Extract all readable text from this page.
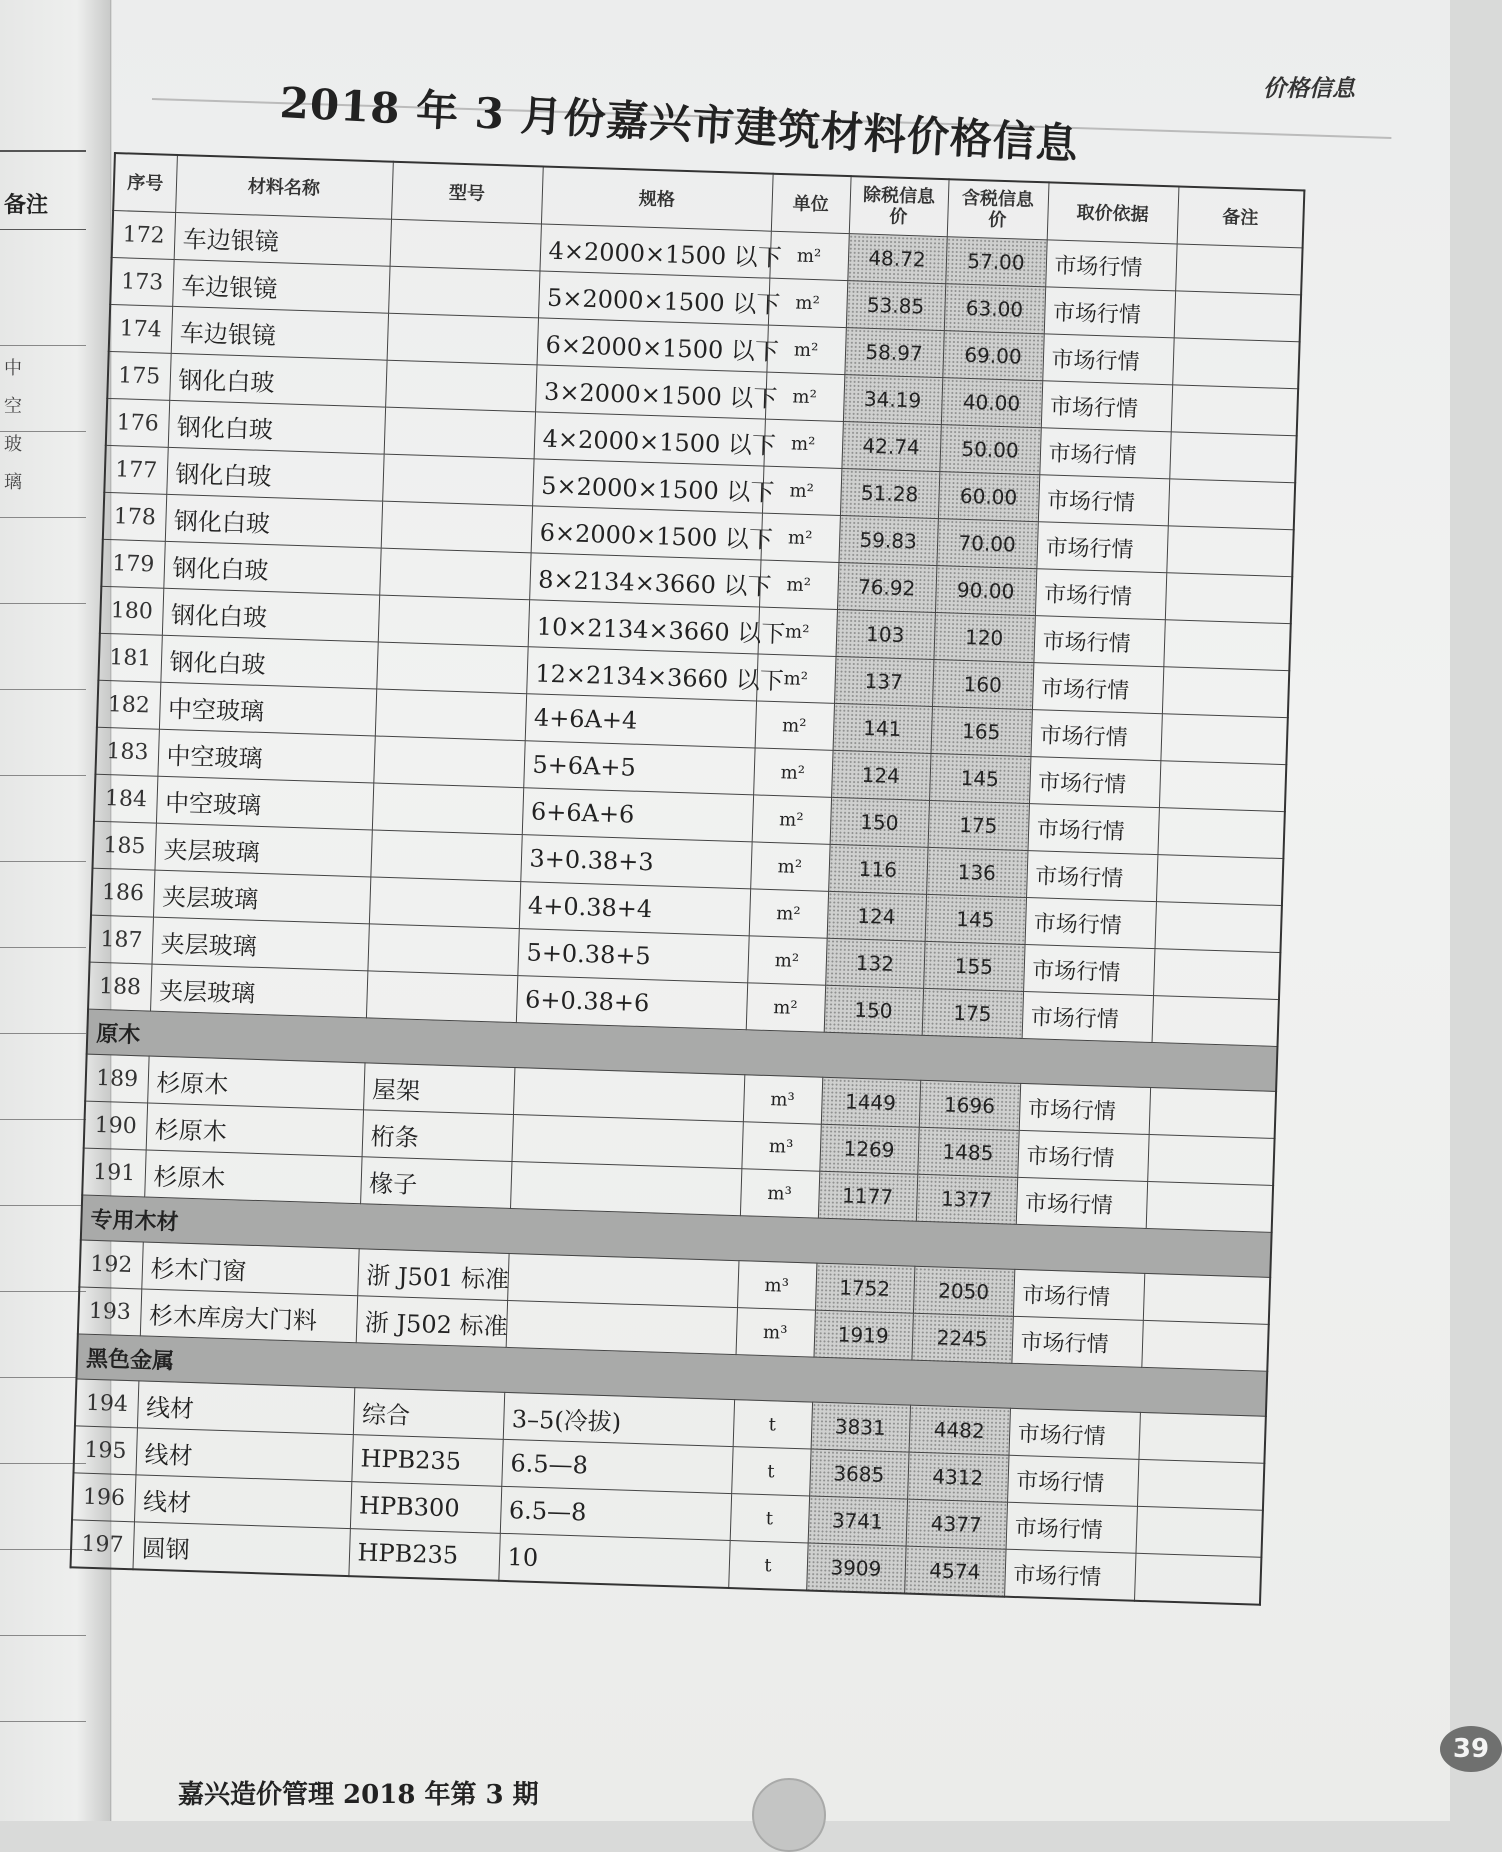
备注
中
空
玻
璃
价格信息
2018 年 3 月份嘉兴市建筑材料价格信息
序号	材料名称	型号	规格	单位	除税信息价	含税信息价	取价依据	备注
172	车边银镜		4×2000×1500 以下	m²	48.72	57.00	市场行情	
173	车边银镜		5×2000×1500 以下	m²	53.85	63.00	市场行情	
174	车边银镜		6×2000×1500 以下	m²	58.97	69.00	市场行情	
175	钢化白玻		3×2000×1500 以下	m²	34.19	40.00	市场行情	
176	钢化白玻		4×2000×1500 以下	m²	42.74	50.00	市场行情	
177	钢化白玻		5×2000×1500 以下	m²	51.28	60.00	市场行情	
178	钢化白玻		6×2000×1500 以下	m²	59.83	70.00	市场行情	
179	钢化白玻		8×2134×3660 以下	m²	76.92	90.00	市场行情	
180	钢化白玻		10×2134×3660 以下	m²	103	120	市场行情	
181	钢化白玻		12×2134×3660 以下	m²	137	160	市场行情	
182	中空玻璃		4+6A+4	m²	141	165	市场行情	
183	中空玻璃		5+6A+5	m²	124	145	市场行情	
184	中空玻璃		6+6A+6	m²	150	175	市场行情	
185	夹层玻璃		3+0.38+3	m²	116	136	市场行情	
186	夹层玻璃		4+0.38+4	m²	124	145	市场行情	
187	夹层玻璃		5+0.38+5	m²	132	155	市场行情	
188	夹层玻璃		6+0.38+6	m²	150	175	市场行情	
原木								
189	杉原木	屋架		m³	1449	1696	市场行情	
190	杉原木	桁条		m³	1269	1485	市场行情	
191	杉原木	椽子		m³	1177	1377	市场行情	
专用木材								
192	杉木门窗	浙 J501 标准		m³	1752	2050	市场行情	
193	杉木库房大门料	浙 J502 标准		m³	1919	2245	市场行情	
黑色金属								
194	线材	综合	3–5(冷拔)	t	3831	4482	市场行情	
195	线材	HPB235	6.5—8	t	3685	4312	市场行情	
196	线材	HPB300	6.5—8	t	3741	4377	市场行情	
197	圆钢	HPB235	10	t	3909	4574	市场行情	
嘉兴造价管理 2018 年第 3 期
39
